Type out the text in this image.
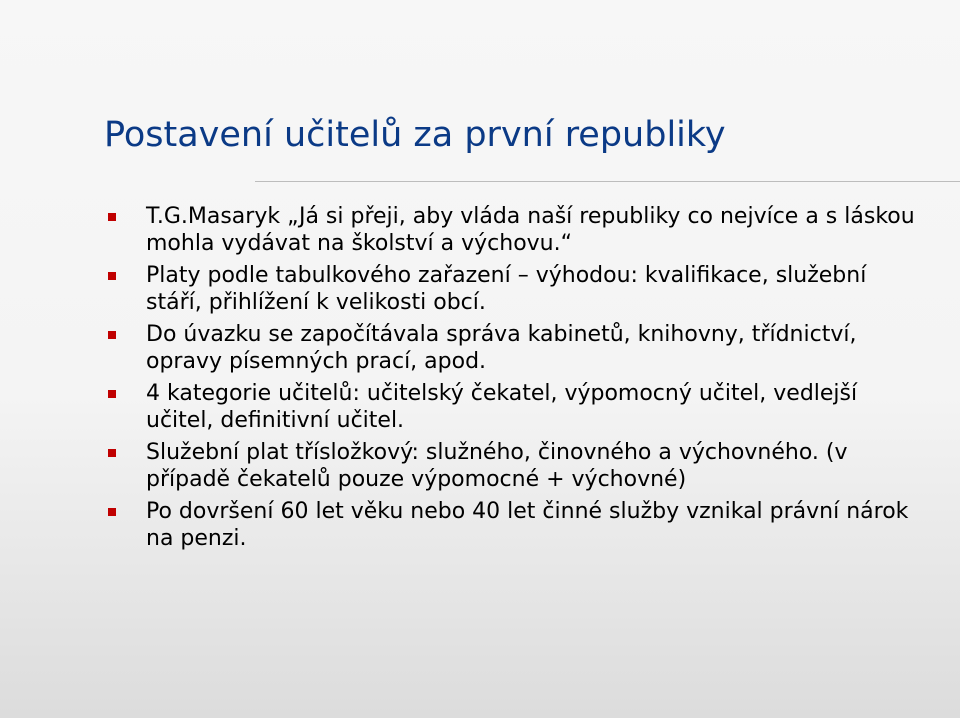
Postavení učitelů za první republiky
T.G.Masaryk „Já si přeji, aby vláda naší republiky co nejvíce a s láskou mohla vydávat na školství a výchovu.“
Platy podle tabulkového zařazení – výhodou: kvalifikace, služební stáří, přihlížení k velikosti obcí.
Do úvazku se započítávala správa kabinetů, knihovny, třídnictví, opravy písemných prací, apod.
4 kategorie učitelů: učitelský čekatel, výpomocný učitel, vedlejší učitel, definitivní učitel.
Služební plat třísložkový: služného, činovného a výchovného. (v případě čekatelů pouze výpomocné + výchovné)
Po dovršení 60 let věku nebo 40 let činné služby vznikal právní nárok na penzi.
